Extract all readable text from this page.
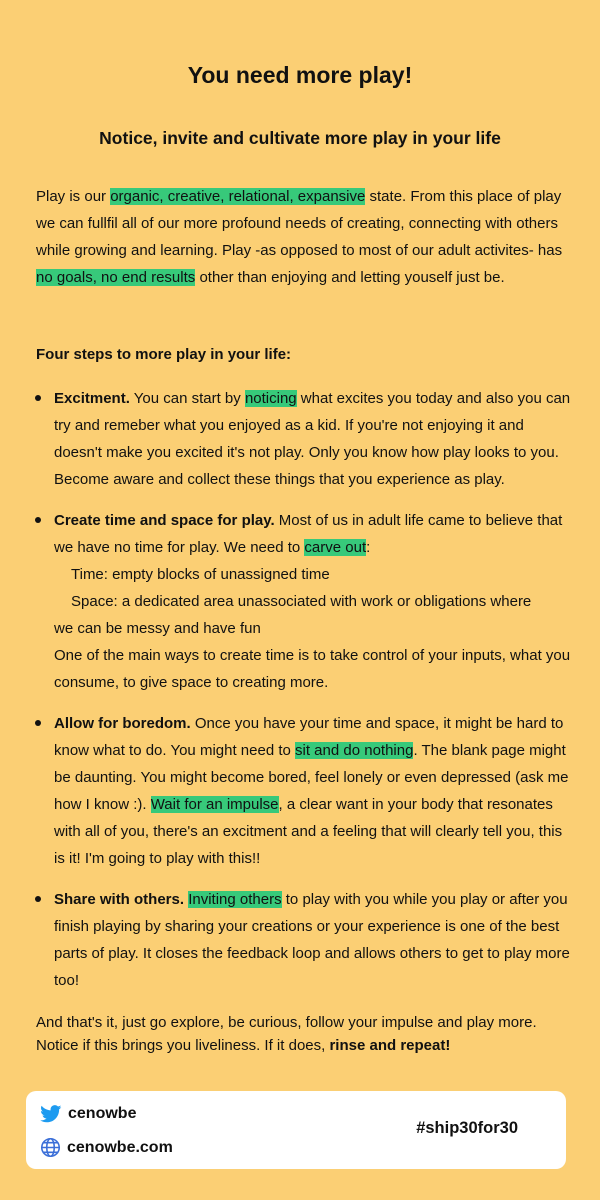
You need more play!
Notice, invite and cultivate more play in your life

Play is our organic, creative, relational, expansive state. From this place of play we can fullfil all of our more profound needs of creating, connecting with others while growing and learning. Play -as opposed to most of our adult activites- has no goals, no end results other than enjoying and letting youself just be.

Four steps to more play in your life:

Excitment. You can start by noticing what excites you today and also you can try and remeber what you enjoyed as a kid. If you're not enjoying it and doesn't make you excited it's not play. Only you know how play looks to you. Become aware and collect these things that you experience as play.

Create time and space for play. Most of us in adult life came to believe that we have no time for play. We need to carve out:

Time: empty blocks of unassigned time

Space: a dedicated area unassociated with work or obligations where

we can be messy and have fun

One of the main ways to create time is to take control of your inputs, what you consume, to give space to creating more.

Allow for boredom. Once you have your time and space, it might be hard to know what to do. You might need to sit and do nothing. The blank page might be daunting. You might become bored, feel lonely or even depressed (ask me how I know :). Wait for an impulse, a clear want in your body that resonates with all of you, there's an excitment and a feeling that will clearly tell you, this is it! I'm going to play with this!!
Share with others. Inviting others to play with you while you play or after you finish playing by sharing your creations or your experience is one of the best parts of play. It closes the feedback loop and allows others to get to play more too!

And that's it, just go explore, be curious, follow your impulse and play more. Notice if this brings you liveliness. If it does, rinse and repeat!

cenowbe
cenowbe.com
#ship30for30
